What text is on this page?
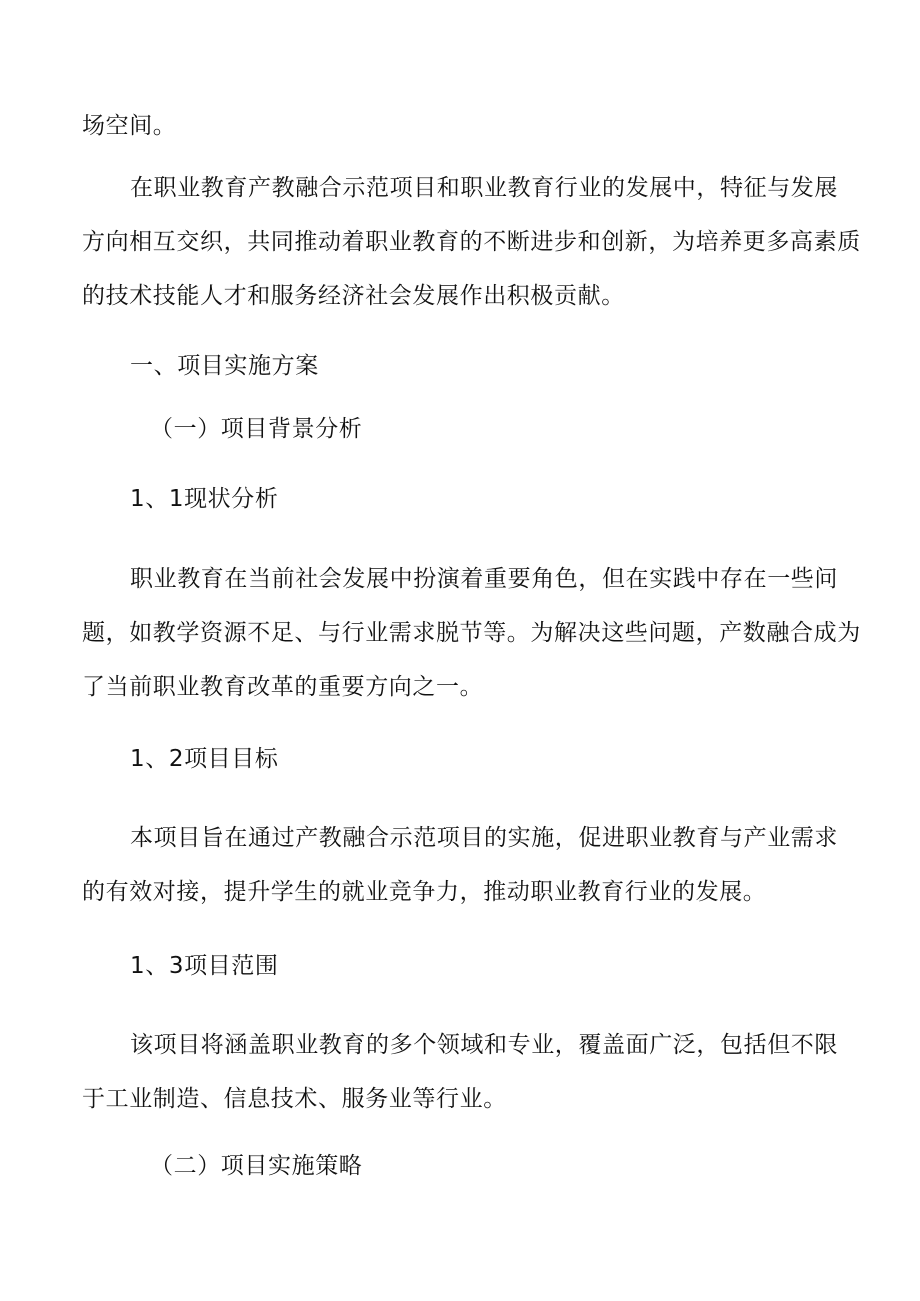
场空间。
在职业教育产教融合示范项目和职业教育行业的发展中，特征与发展
方向相互交织，共同推动着职业教育的不断进步和创新，为培养更多高素质
的技术技能人才和服务经济社会发展作出积极贡献。
一、项目实施方案
（一）项目背景分析
1、1现状分析
职业教育在当前社会发展中扮演着重要角色，但在实践中存在一些问
题，如教学资源不足、与行业需求脱节等。为解决这些问题，产数融合成为
了当前职业教育改革的重要方向之一。
1、2项目目标
本项目旨在通过产教融合示范项目的实施，促进职业教育与产业需求
的有效对接，提升学生的就业竞争力，推动职业教育行业的发展。
1、3项目范围
该项目将涵盖职业教育的多个领域和专业，覆盖面广泛，包括但不限
于工业制造、信息技术、服务业等行业。
（二）项目实施策略
